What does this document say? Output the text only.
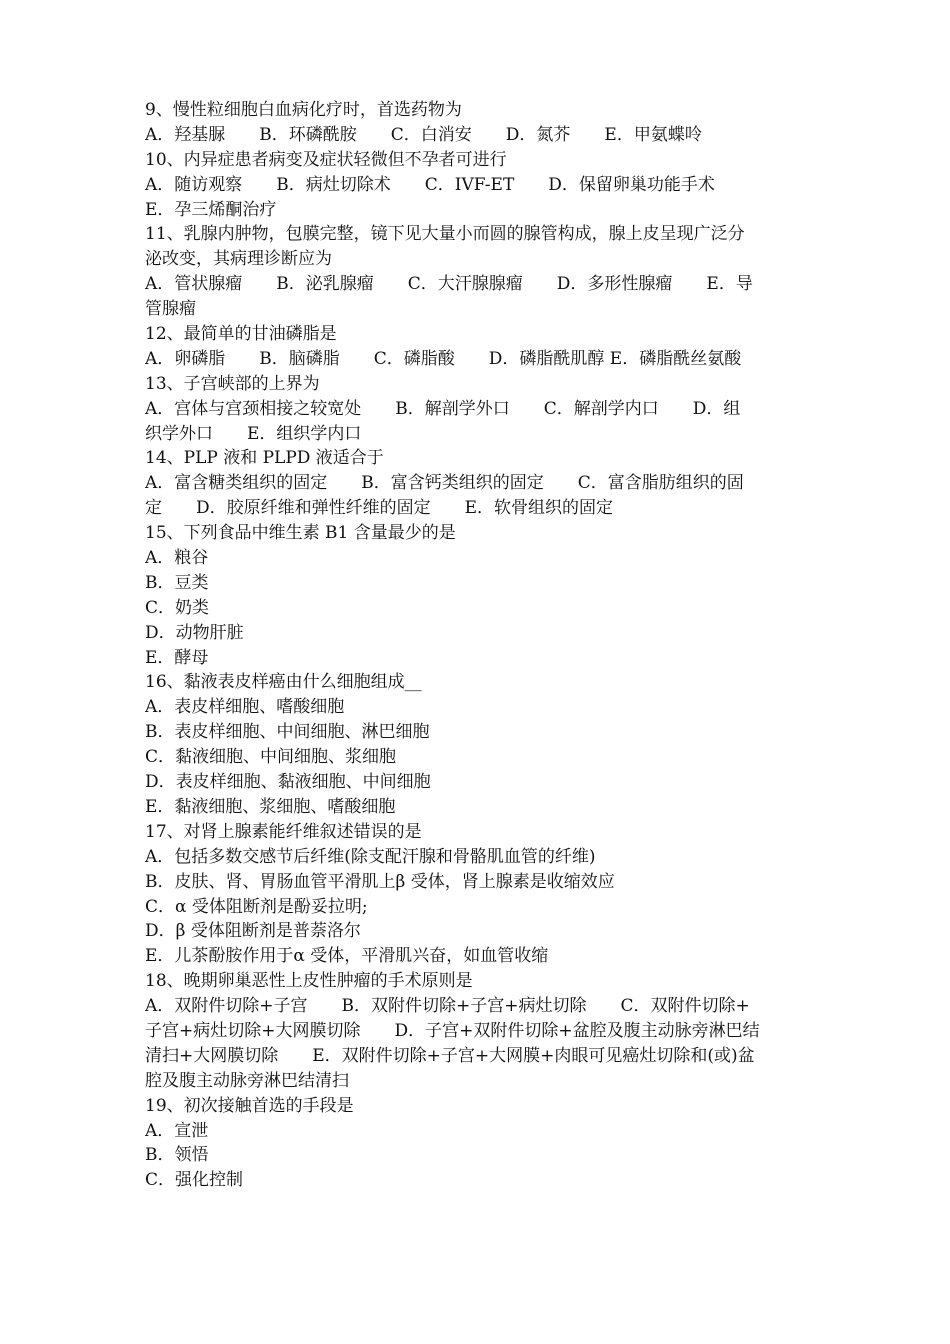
9、慢性粒细胞白血病化疗时，首选药物为
A．羟基脲　　B．环磷酰胺　　C．白消安　　D．氮芥　　E．甲氨蝶呤
10、内异症患者病变及症状轻微但不孕者可进行
A．随访观察　　B．病灶切除术　　C．IVF-ET　　D．保留卵巢功能手术
E．孕三烯酮治疗
11、乳腺内肿物，包膜完整，镜下见大量小而圆的腺管构成，腺上皮呈现广泛分
泌改变，其病理诊断应为
A．管状腺瘤　　B．泌乳腺瘤　　C．大汗腺腺瘤　　D．多形性腺瘤　　E．导
管腺瘤
12、最简单的甘油磷脂是
A．卵磷脂　　B．脑磷脂　　C．磷脂酸　　D．磷脂酰肌醇 E．磷脂酰丝氨酸
13、子宫峡部的上界为
A．宫体与宫颈相接之较宽处　　B．解剖学外口　　C．解剖学内口　　D．组
织学外口　　E．组织学内口
14、PLP 液和 PLPD 液适合于
A．富含糖类组织的固定　　B．富含钙类组织的固定　　C．富含脂肪组织的固
定　　D．胶原纤维和弹性纤维的固定　　E．软骨组织的固定
15、下列食品中维生素 B1 含量最少的是
A．粮谷
B．豆类
C．奶类
D．动物肝脏
E．酵母
16、黏液表皮样癌由什么细胞组成__
A．表皮样细胞、嗜酸细胞
B．表皮样细胞、中间细胞、淋巴细胞
C．黏液细胞、中间细胞、浆细胞
D．表皮样细胞、黏液细胞、中间细胞
E．黏液细胞、浆细胞、嗜酸细胞
17、对肾上腺素能纤维叙述错误的是
A．包括多数交感节后纤维(除支配汗腺和骨骼肌血管的纤维)
B．皮肤、肾、胃肠血管平滑肌上β 受体，肾上腺素是收缩效应
C．α 受体阻断剂是酚妥拉明;
D．β 受体阻断剂是普萘洛尔
E．儿茶酚胺作用于α 受体，平滑肌兴奋，如血管收缩
18、晚期卵巢恶性上皮性肿瘤的手术原则是
A．双附件切除+子宫　　B．双附件切除+子宫+病灶切除　　C．双附件切除+
子宫+病灶切除+大网膜切除　　D．子宫+双附件切除+盆腔及腹主动脉旁淋巴结
清扫+大网膜切除　　E．双附件切除+子宫+大网膜+肉眼可见癌灶切除和(或)盆
腔及腹主动脉旁淋巴结清扫
19、初次接触首选的手段是
A．宣泄
B．领悟
C．强化控制
